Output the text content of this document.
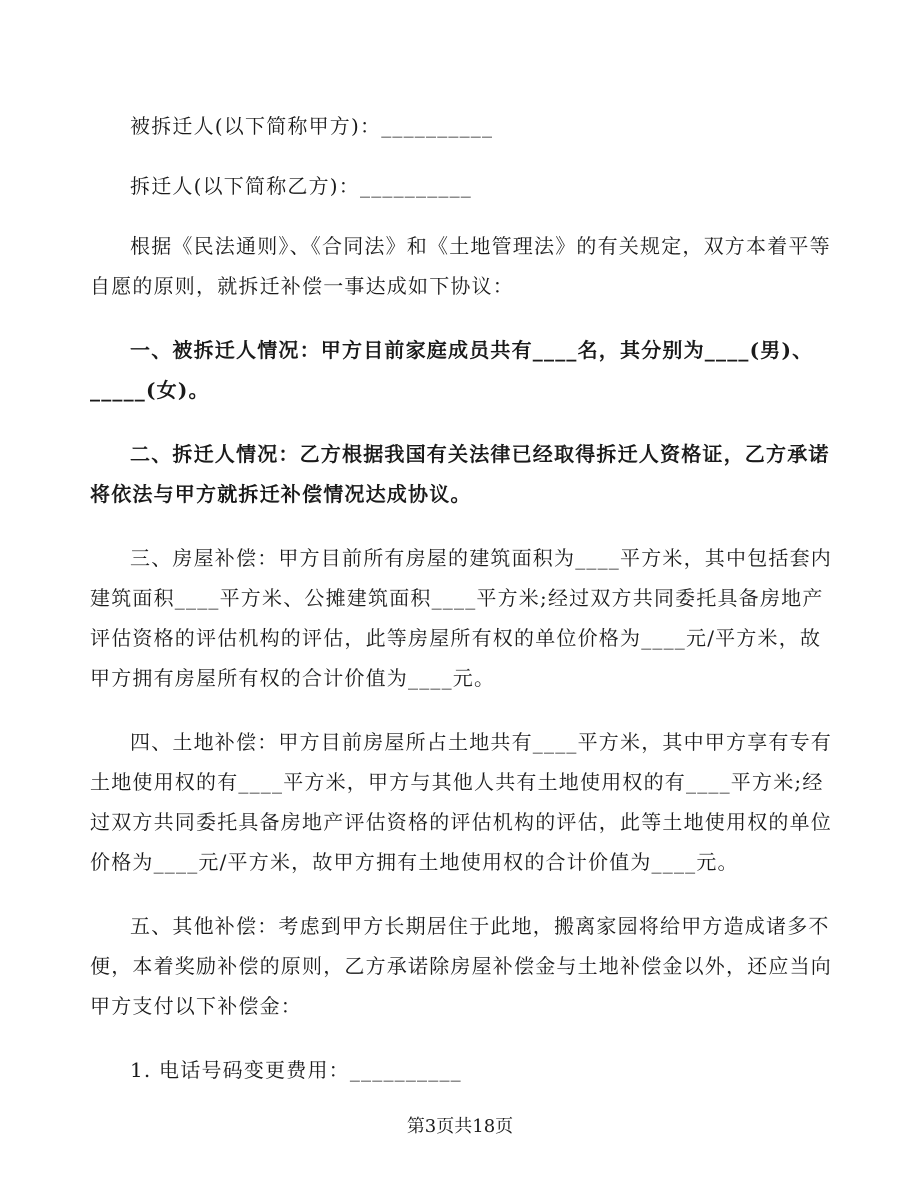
被拆迁人(以下简称甲方)：__________

拆迁人(以下简称乙方)：__________

根据《民法通则》、《合同法》和《土地管理法》的有关规定，双方本着平等自愿的原则，就拆迁补偿一事达成如下协议：

一、被拆迁人情况：甲方目前家庭成员共有____名，其分别为____(男)、_____(女)。

二、拆迁人情况：乙方根据我国有关法律已经取得拆迁人资格证，乙方承诺将依法与甲方就拆迁补偿情况达成协议。

三、房屋补偿：甲方目前所有房屋的建筑面积为____平方米，其中包括套内建筑面积____平方米、公摊建筑面积____平方米;经过双方共同委托具备房地产评估资格的评估机构的评估，此等房屋所有权的单位价格为____元/平方米，故甲方拥有房屋所有权的合计价值为____元。

四、土地补偿：甲方目前房屋所占土地共有____平方米，其中甲方享有专有土地使用权的有____平方米，甲方与其他人共有土地使用权的有____平方米;经过双方共同委托具备房地产评估资格的评估机构的评估，此等土地使用权的单位价格为____元/平方米，故甲方拥有土地使用权的合计价值为____元。

五、其他补偿：考虑到甲方长期居住于此地，搬离家园将给甲方造成诸多不便，本着奖励补偿的原则，乙方承诺除房屋补偿金与土地补偿金以外，还应当向甲方支付以下补偿金：

1. 电话号码变更费用：__________

第3页共18页
